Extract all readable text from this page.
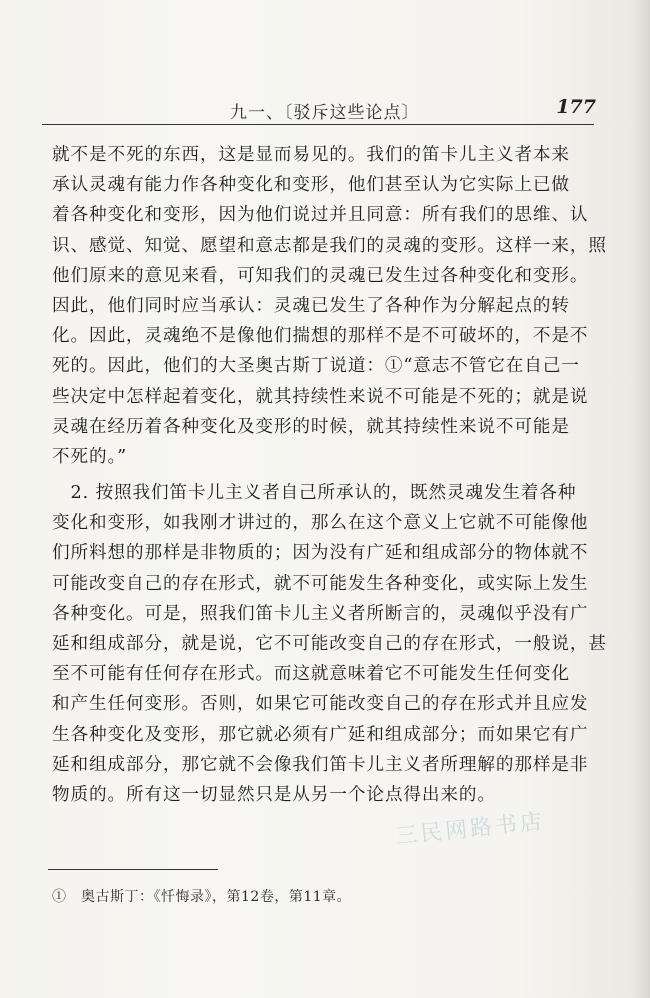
九一、〔驳斥这些论点〕	177
就不是不死的东西，这是显而易见的。我们的笛卡儿主义者本来
承认灵魂有能力作各种变化和变形，他们甚至认为它实际上已做
着各种变化和变形，因为他们说过并且同意：所有我们的思维、认
识、感觉、知觉、愿望和意志都是我们的灵魂的变形。这样一来，照
他们原来的意见来看，可知我们的灵魂已发生过各种变化和变形。
因此，他们同时应当承认：灵魂已发生了各种作为分解起点的转
化。因此，灵魂绝不是像他们揣想的那样不是不可破坏的，不是不
死的。因此，他们的大圣奥古斯丁说道：①“意志不管它在自己一
些决定中怎样起着变化，就其持续性来说不可能是不死的；就是说
灵魂在经历着各种变化及变形的时候，就其持续性来说不可能是
不死的。”
　2. 按照我们笛卡儿主义者自己所承认的，既然灵魂发生着各种
变化和变形，如我刚才讲过的，那么在这个意义上它就不可能像他
们所料想的那样是非物质的；因为没有广延和组成部分的物体就不
可能改变自己的存在形式，就不可能发生各种变化，或实际上发生
各种变化。可是，照我们笛卡儿主义者所断言的，灵魂似乎没有广
延和组成部分，就是说，它不可能改变自己的存在形式，一般说，甚
至不可能有任何存在形式。而这就意味着它不可能发生任何变化
和产生任何变形。否则，如果它可能改变自己的存在形式并且应发
生各种变化及变形，那它就必须有广延和组成部分；而如果它有广
延和组成部分，那它就不会像我们笛卡儿主义者所理解的那样是非
物质的。所有这一切显然只是从另一个论点得出来的。
三民网路书店
①　奥古斯丁：《忏悔录》，第12卷，第11章。
